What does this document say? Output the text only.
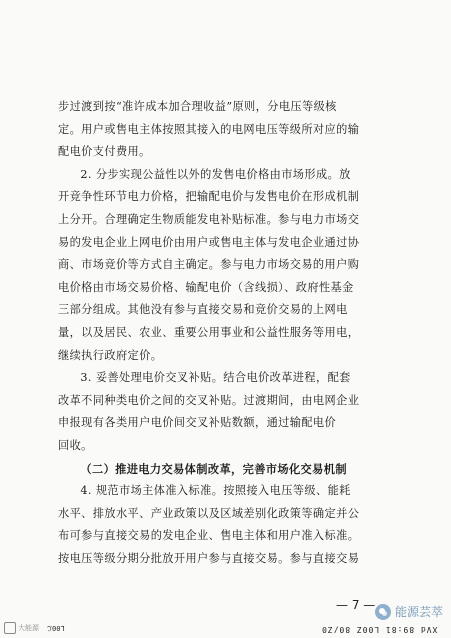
XVd 89:81 L00Z 80/Z0

步过渡到按“准许成本加合理收益”原则，分电压等级核

定。用户或售电主体按照其接入的电网电压等级所对应的输

配电价支付费用。

2. 分步实现公益性以外的发售电价格由市场形成。放

开竞争性环节电力价格，把输配电价与发售电价在形成机制

上分开。合理确定生物质能发电补贴标准。参与电力市场交

易的发电企业上网电价由用户或售电主体与发电企业通过协

商、市场竞价等方式自主确定。参与电力市场交易的用户购

电价格由市场交易价格、输配电价（含线损）、政府性基金

三部分组成。其他没有参与直接交易和竞价交易的上网电

量，以及居民、农业、重要公用事业和公益性服务等用电，

继续执行政府定价。

3. 妥善处理电价交叉补贴。结合电价改革进程，配套

改革不同种类电价之间的交叉补贴。过渡期间，由电网企业

申报现有各类用户电价间交叉补贴数额，通过输配电价

回收。

（二）推进电力交易体制改革，完善市场化交易机制

4. 规范市场主体准入标准。按照接入电压等级、能耗

水平、排放水平、产业政策以及区域差别化政策等确定并公

布可参与直接交易的发电企业、售电主体和用户准入标准。

按电压等级分期分批放开用户参与直接交易。参与直接交易

— 7 —
大能源 L00ℒ
能源芸萃
